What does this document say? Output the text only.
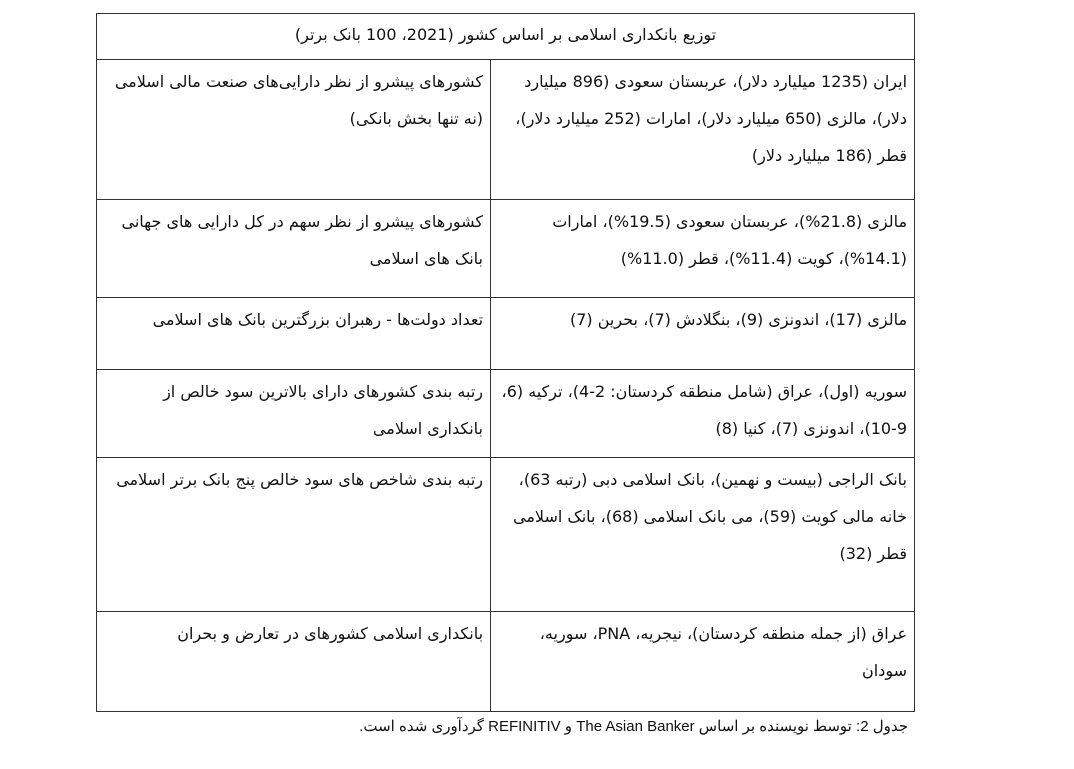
توزیع بانکداری اسلامی بر اساس کشور (2021، 100 بانک برتر)	
ایران (1235 میلیارد دلار)، عربستان سعودی (896 میلیارد دلار)، مالزی (650 میلیارد دلار)، امارات (252 میلیارد دلار)، قطر (186 میلیارد دلار)	کشورهای پیشرو از نظر دارایی‌های صنعت مالی اسلامی (نه تنها بخش بانکی)
مالزی (21.8%)، عربستان سعودی (19.5%)، امارات (14.1%)، کویت (11.4%)، قطر (11.0%)	کشورهای پیشرو از نظر سهم در کل دارایی های جهانی بانک های اسلامی
مالزی (17)، اندونزی (9)، بنگلادش (7)، بحرین (7)	تعداد دولت‌ها - رهبران بزرگترین بانک های اسلامی
سوریه (اول)، عراق (شامل منطقه کردستان: 2-4)، ترکیه (6، 9-10)، اندونزی (7)، کنیا (8)	رتبه بندی کشورهای دارای بالاترین سود خالص از بانکداری اسلامی
بانک الراجی (بیست و نهمین)، بانک اسلامی دبی (رتبه 63)، خانه مالی کویت (59)، می بانک اسلامی (68)، بانک اسلامی قطر (32)	رتبه بندی شاخص های سود خالص پنج بانک برتر اسلامی
عراق (از جمله منطقه کردستان)، نیجریه، PNA، سوریه، سودان	بانکداری اسلامی کشورهای در تعارض و بحران
جدول 2: توسط نویسنده بر اساس The Asian Banker و REFINITIV گردآوری شده است.
